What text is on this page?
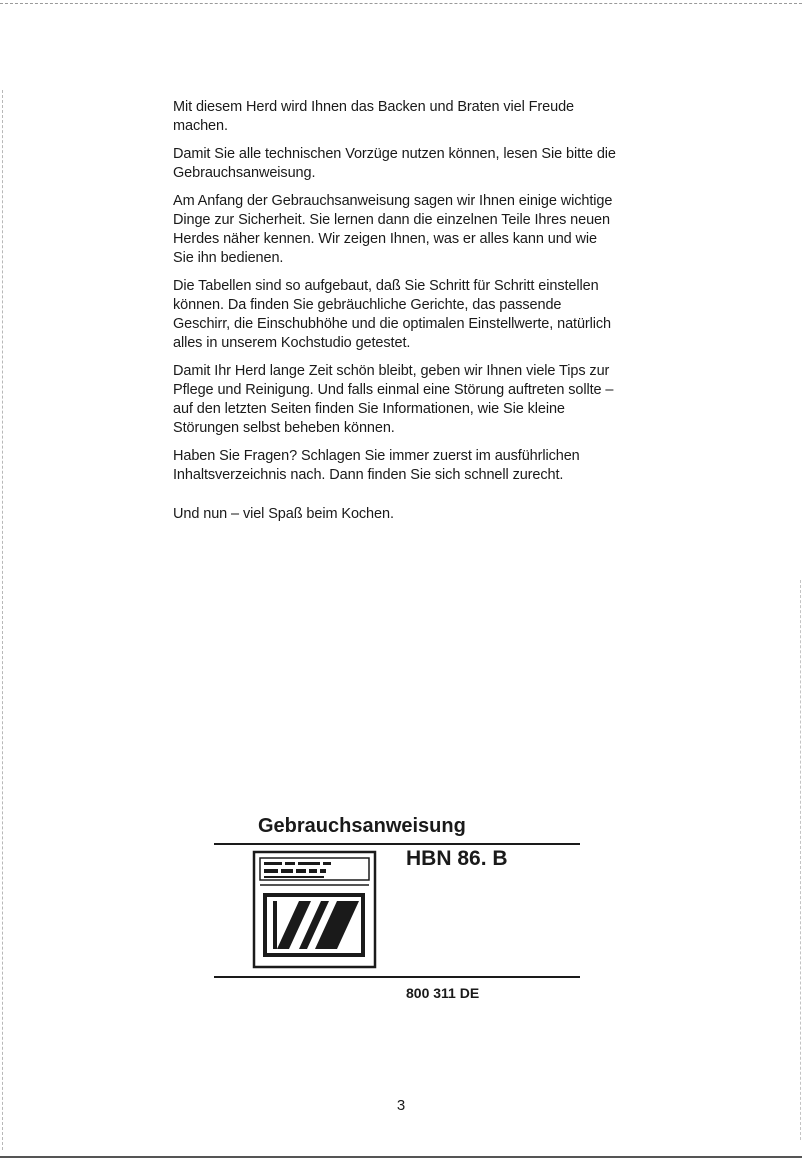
Mit diesem Herd wird Ihnen das Backen und Braten viel Freude machen.

Damit Sie alle technischen Vorzüge nutzen können, lesen Sie bitte die Gebrauchsanweisung.

Am Anfang der Gebrauchsanweisung sagen wir Ihnen einige wichtige Dinge zur Sicherheit. Sie lernen dann die einzelnen Teile Ihres neuen Herdes näher kennen. Wir zeigen Ihnen, was er alles kann und wie Sie ihn bedienen.

Die Tabellen sind so aufgebaut, daß Sie Schritt für Schritt einstellen können. Da finden Sie gebräuchliche Gerichte, das passende Geschirr, die Einschubhöhe und die optimalen Einstellwerte, natürlich alles in unserem Kochstudio getestet.

Damit Ihr Herd lange Zeit schön bleibt, geben wir Ihnen viele Tips zur Pflege und Reinigung. Und falls einmal eine Störung auftreten sollte – auf den letzten Seiten finden Sie Informationen, wie Sie kleine Störungen selbst beheben können.

Haben Sie Fragen? Schlagen Sie immer zuerst im ausführlichen Inhaltsverzeichnis nach. Dann finden Sie sich schnell zurecht.

Und nun – viel Spaß beim Kochen.

Gebrauchsanweisung
HBN 86. B
800 311 DE
3
